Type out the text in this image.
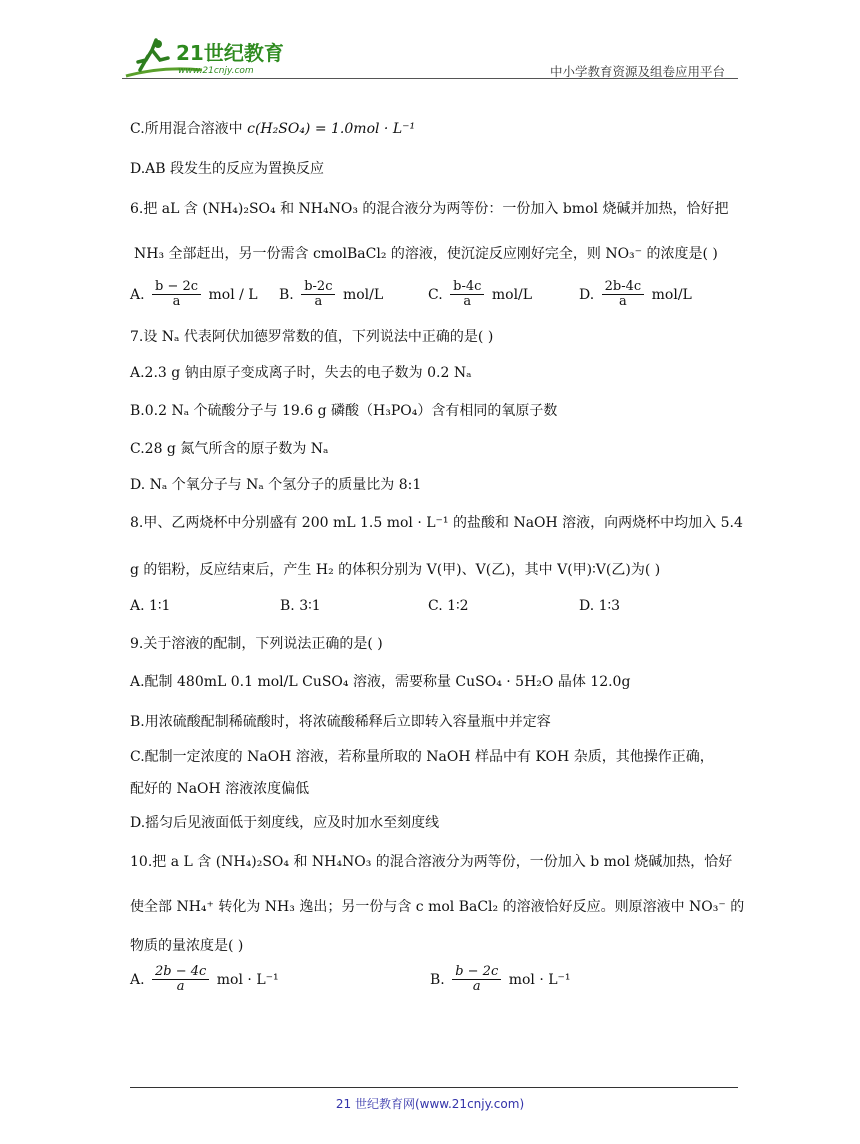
21世纪教育
www.21cnjy.com	中小学教育资源及组卷应用平台
C.所用混合溶液中 c(H₂SO₄) = 1.0mol · L⁻¹
D.AB 段发生的反应为置换反应
6.把 aL 含 (NH₄)₂SO₄ 和 NH₄NO₃ 的混合液分为两等份：一份加入 bmol 烧碱并加热，恰好把
NH₃ 全部赶出，另一份需含 cmolBaCl₂ 的溶液，使沉淀反应刚好完全，则 NO₃⁻ 的浓度是( )
A. $\frac{b - 2c}{a}$ mol / L B. $\frac{b-2c}{a} mol/L$	C. $\frac{b-4c}{a} mol/L$	D. $\frac{2b-4c}{a} mol/L$
7.设 Nₐ 代表阿伏加德罗常数的值，下列说法中正确的是( )
A.2.3 g 钠由原子变成离子时，失去的电子数为 0.2 Nₐ
B.0.2 Nₐ 个硫酸分子与 19.6 g 磷酸（H₃PO₄）含有相同的氧原子数
C.28 g 氮气所含的原子数为 Nₐ
D. Nₐ 个氧分子与 Nₐ 个氢分子的质量比为 8:1
8.甲、乙两烧杯中分别盛有 200 mL 1.5 mol · L⁻¹ 的盐酸和 NaOH 溶液，向两烧杯中均加入 5.4
g 的铝粉，反应结束后，产生 H₂ 的体积分别为 V(甲)、V(乙)，其中 V(甲)∶V(乙)为( )
A. 1∶1	B. 3∶1	C. 1∶2	D. 1∶3
9.关于溶液的配制，下列说法正确的是( )
A.配制 480mL 0.1 mol/L CuSO₄ 溶液，需要称量 CuSO₄ · 5H₂O 晶体 12.0g
B.用浓硫酸配制稀硫酸时，将浓硫酸稀释后立即转入容量瓶中并定容
C.配制一定浓度的 NaOH 溶液，若称量所取的 NaOH 样品中有 KOH 杂质，其他操作正确，
配好的 NaOH 溶液浓度偏低
D.摇匀后见液面低于刻度线，应及时加水至刻度线
10.把 a L 含 (NH₄)₂SO₄ 和 NH₄NO₃ 的混合溶液分为两等份，一份加入 b mol 烧碱加热，恰好
使全部 NH₄⁺ 转化为 NH₃ 逸出；另一份与含 c mol BaCl₂ 的溶液恰好反应。则原溶液中 NO₃⁻ 的
物质的量浓度是( )
A. $\frac{2b - 4c}{a}$ mol · L⁻¹	B. $\frac{b - 2c}{a}$ mol · L⁻¹
21 世纪教育网(www.21cnjy.com)
